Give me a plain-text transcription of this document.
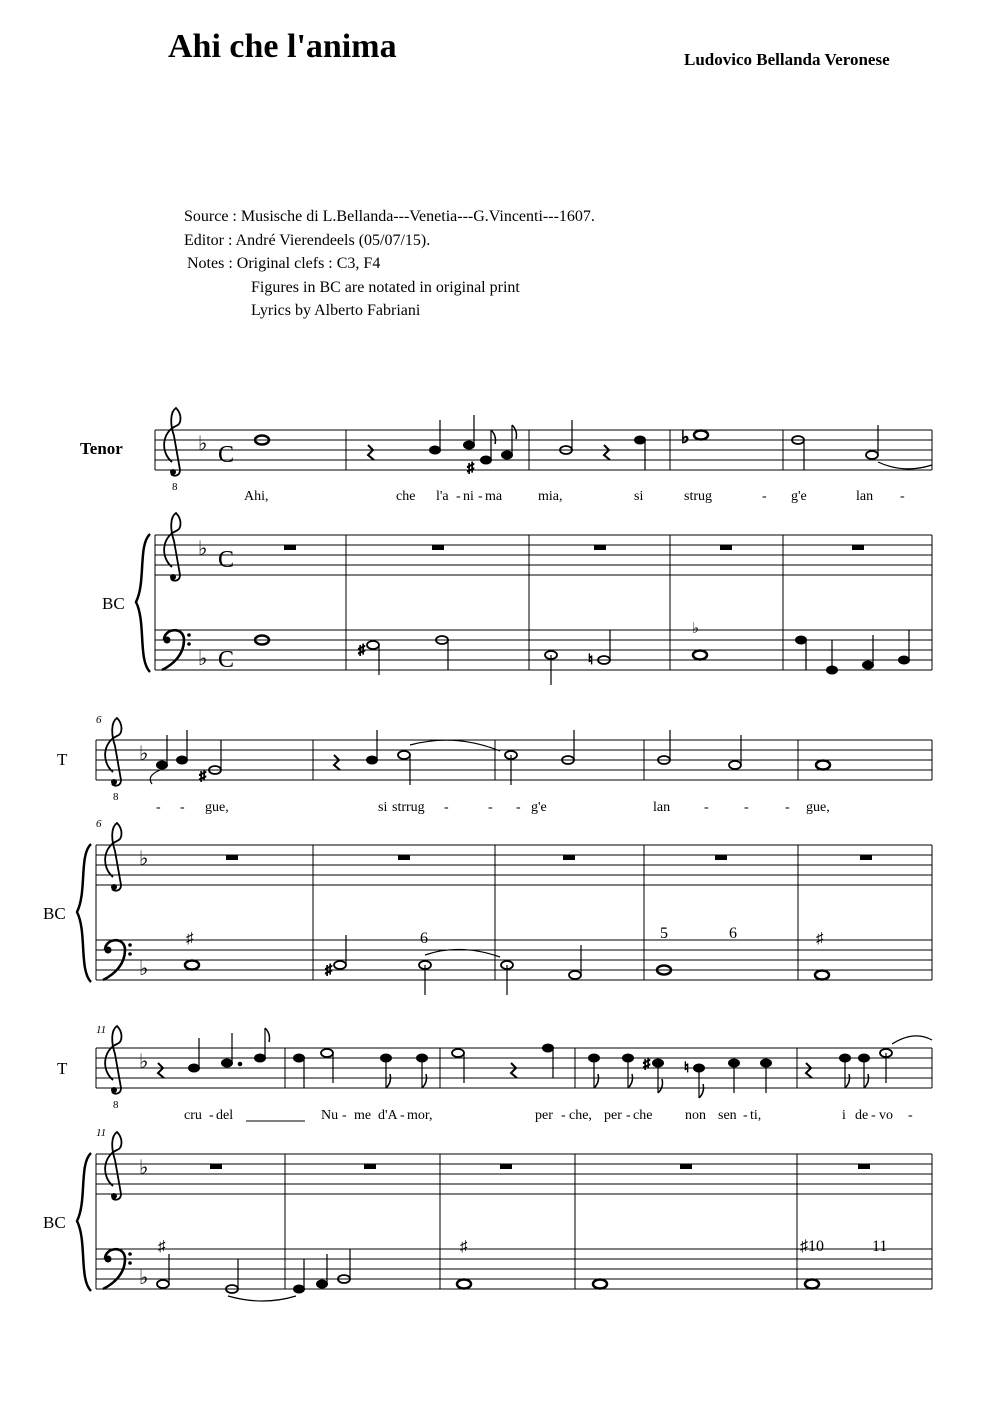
Ahi che l'anima	Ludovico Bellanda Veronese
Source : Musische di L.Bellanda---Venetia---G.Vincenti---1607.
Editor : André Vierendeels (05/07/15).
Notes : Original clefs : C3, F4
Figures in BC are notated in original print
Lyrics by Alberto Fabriani
Tenor
BC
8
♭ C
♯
♭
Ahi,	che l'a - ni - ma	mia,	si	strug	- g'e	lan -
♭ C
♭ C	♯
♮
♭
6
6
T
BC
8
♭
♯
- - gue,	si strrug -	- - g'e	lan -	-	- gue,
♭
♭	♯
♯	6	5	6	♯
11
11
T
BC
8
♭	♯ ♮
cru - del	Nu - me d'A - mor,	per - che, per - che non sen - ti,	i de - vo -
♭
♭
♯	♯	♯10	11
